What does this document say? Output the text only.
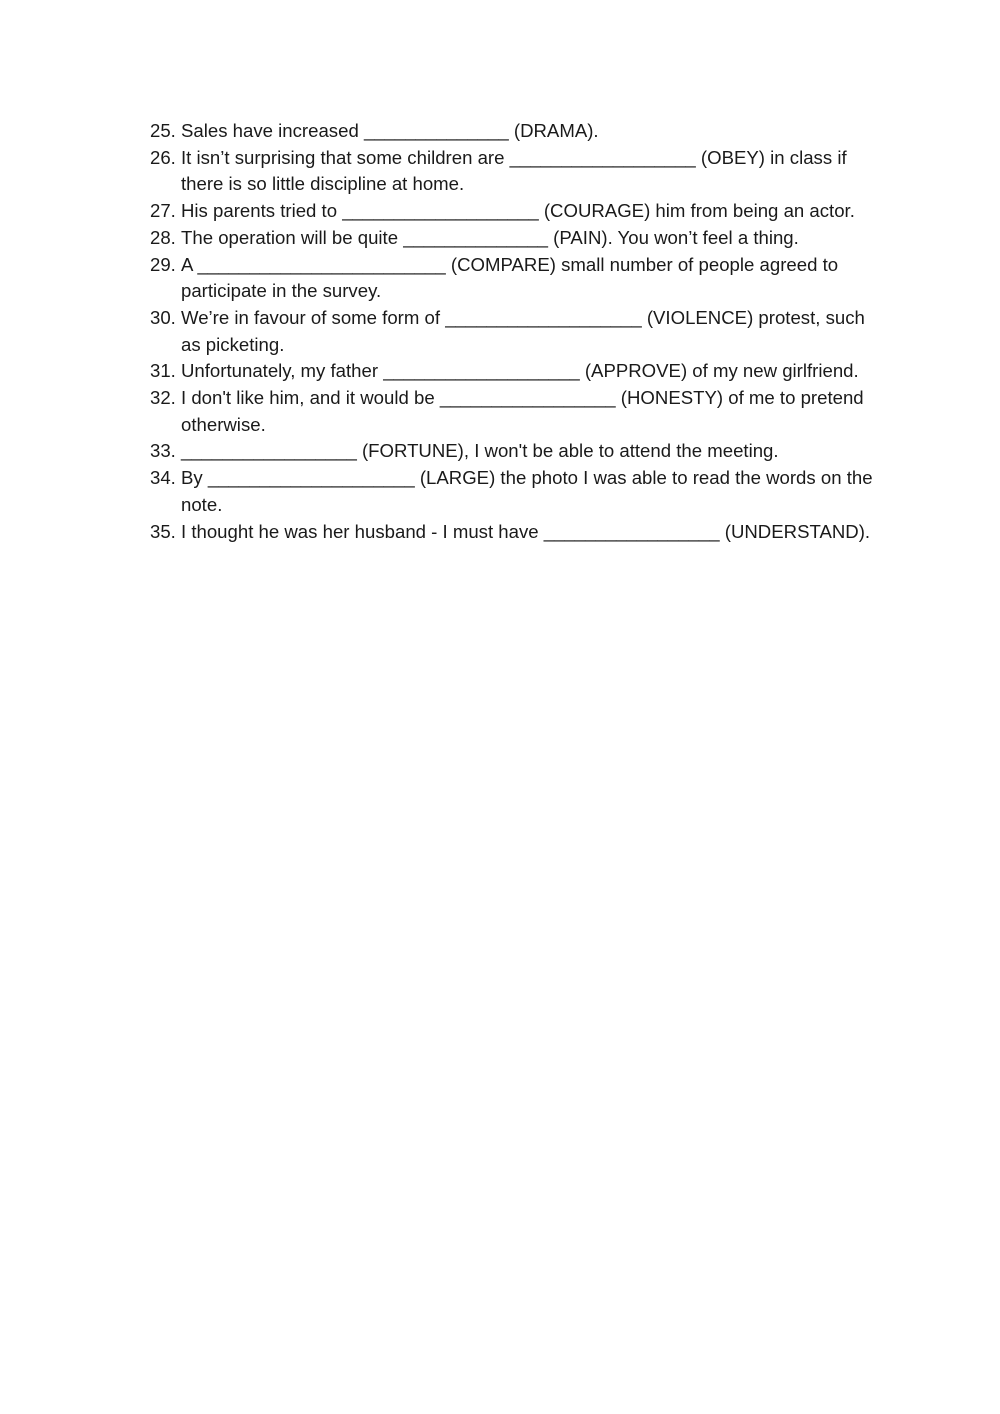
25. Sales have increased ______________ (DRAMA).
26. It isn’t surprising that some children are __________________ (OBEY) in class if there is so little discipline at home.
27. His parents tried to ___________________ (COURAGE) him from being an actor.
28. The operation will be quite ______________ (PAIN). You won’t feel a thing.
29. A ________________________ (COMPARE) small number of people agreed to participate in the survey.
30. We’re in favour of some form of ___________________ (VIOLENCE) protest, such as picketing.
31. Unfortunately, my father ___________________ (APPROVE) of my new girlfriend.
32. I don't like him, and it would be _________________ (HONESTY) of me to pretend otherwise.
33. _________________ (FORTUNE), I won't be able to attend the meeting.
34. By ____________________ (LARGE) the photo I was able to read the words on the note.
35. I thought he was her husband - I must have _________________ (UNDERSTAND).
